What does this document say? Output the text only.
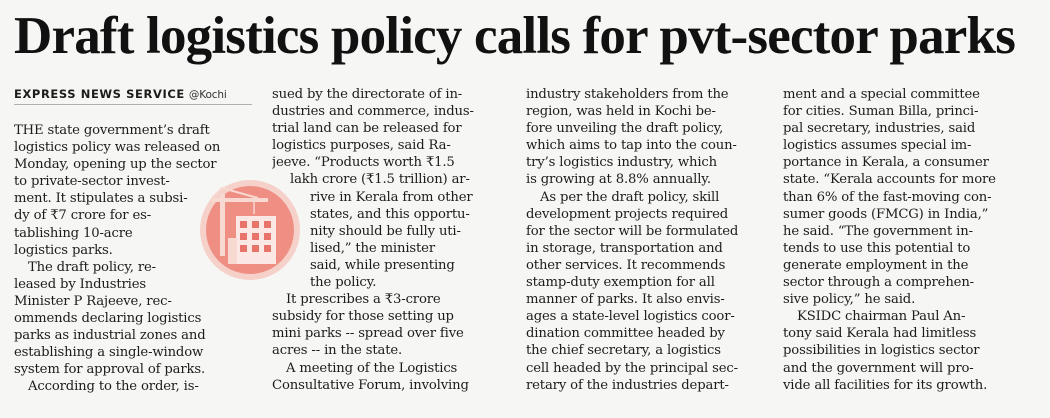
Draft logistics policy calls for pvt-sector parks
EXPRESS NEWS SERVICE @Kochi
THE state government’s draft
logistics policy was released on
Monday, opening up the sector
to private-sector invest-
ment. It stipulates a subsi-
dy of ₹7 crore for es-
tablishing 10-acre
logistics parks.
The draft policy, re-
leased by Industries
Minister P Rajeeve, rec-
ommends declaring logistics
parks as industrial zones and
establishing a single-window
system for approval of parks.
According to the order, is-
sued by the directorate of in-
dustries and commerce, indus-
trial land can be released for
logistics purposes, said Ra-
jeeve. “Products worth ₹1.5
lakh crore (₹1.5 trillion) ar-
rive in Kerala from other
states, and this opportu-
nity should be fully uti-
lised,” the minister
said, while presenting
the policy.
It prescribes a ₹3-crore
subsidy for those setting up
mini parks -- spread over five
acres -- in the state.
A meeting of the Logistics
Consultative Forum, involving
industry stakeholders from the
region, was held in Kochi be-
fore unveiling the draft policy,
which aims to tap into the coun-
try’s logistics industry, which
is growing at 8.8% annually.
As per the draft policy, skill
development projects required
for the sector will be formulated
in storage, transportation and
other services. It recommends
stamp-duty exemption for all
manner of parks. It also envis-
ages a state-level logistics coor-
dination committee headed by
the chief secretary, a logistics
cell headed by the principal sec-
retary of the industries depart-
ment and a special committee
for cities. Suman Billa, princi-
pal secretary, industries, said
logistics assumes special im-
portance in Kerala, a consumer
state. “Kerala accounts for more
than 6% of the fast-moving con-
sumer goods (FMCG) in India,”
he said. “The government in-
tends to use this potential to
generate employment in the
sector through a comprehen-
sive policy,” he said.
KSIDC chairman Paul An-
tony said Kerala had limitless
possibilities in logistics sector
and the government will pro-
vide all facilities for its growth.
